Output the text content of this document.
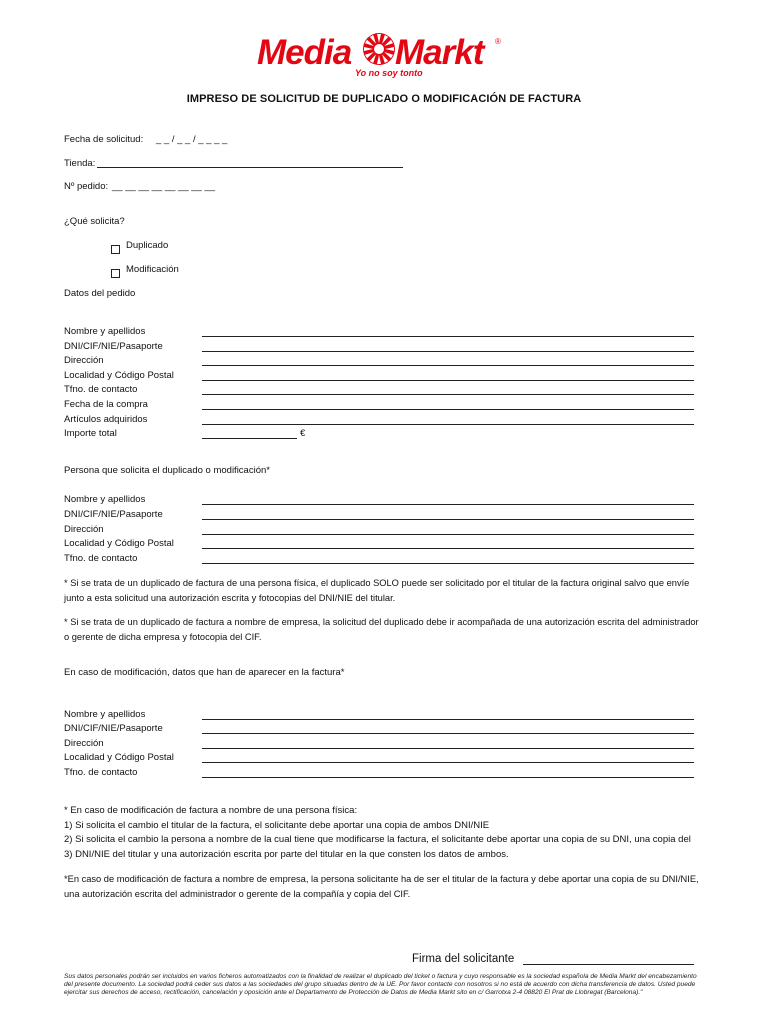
Media Markt ®
Yo no soy tonto
IMPRESO DE SOLICITUD DE DUPLICADO O MODIFICACIÓN DE FACTURA
Fecha de solicitud: _ _ / _ _ / _ _ _ _
Tienda:
Nº pedido: __ __ __ __ __ __ __ __
¿Qué solicita?
Duplicado
Modificación
Datos del pedido
Nombre y apellidos
DNI/CIF/NIE/Pasaporte
Dirección
Localidad y Código Postal
Tfno. de contacto
Fecha de la compra
Artículos adquiridos
Importe total	€
Persona que solicita el duplicado o modificación*
Nombre y apellidos
DNI/CIF/NIE/Pasaporte
Dirección
Localidad y Código Postal
Tfno. de contacto
* Si se trata de un duplicado de factura de una persona física, el duplicado SOLO puede ser solicitado por el titular de la factura original salvo que envíe junto a esta solicitud una autorización escrita y fotocopias del DNI/NIE del titular.
* Si se trata de un duplicado de factura a nombre de empresa, la solicitud del duplicado debe ir acompañada de una autorización escrita del administrador o gerente de dicha empresa y fotocopia del CIF.
En caso de modificación, datos que han de aparecer en la factura*
Nombre y apellidos
DNI/CIF/NIE/Pasaporte
Dirección
Localidad y Código Postal
Tfno. de contacto
* En caso de modificación de factura a nombre de una persona física:
1) Si solicita el cambio el titular de la factura, el solicitante debe aportar una copia de ambos DNI/NIE
2) Si solicita el cambio la persona a nombre de la cual tiene que modificarse la factura, el solicitante debe aportar una copia de su DNI, una copia del
3) DNI/NIE del titular y una autorización escrita por parte del titular en la que consten los datos de ambos.
*En caso de modificación de factura a nombre de empresa, la persona solicitante ha de ser el titular de la factura y debe aportar una copia de su DNI/NIE, una autorización escrita del administrador o gerente de la compañía y copia del CIF.
Firma del solicitante
Sus datos personales podrán ser incluidos en varios ficheros automatizados con la finalidad de realizar el duplicado del ticket o factura y cuyo responsable es la sociedad española de Media Markt del encabezamiento del presente documento. La sociedad podrá ceder sus datos a las sociedades del grupo situadas dentro de la UE. Por favor contacte con nosotros si no está de acuerdo con dicha transferencia de datos. Usted puede ejercitar sus derechos de acceso, rectificación, cancelación y oposición ante el Departamento de Protección de Datos de Media Markt sito en c/ Garrotxa 2-4 08820 El Prat de Llobregat (Barcelona)."
